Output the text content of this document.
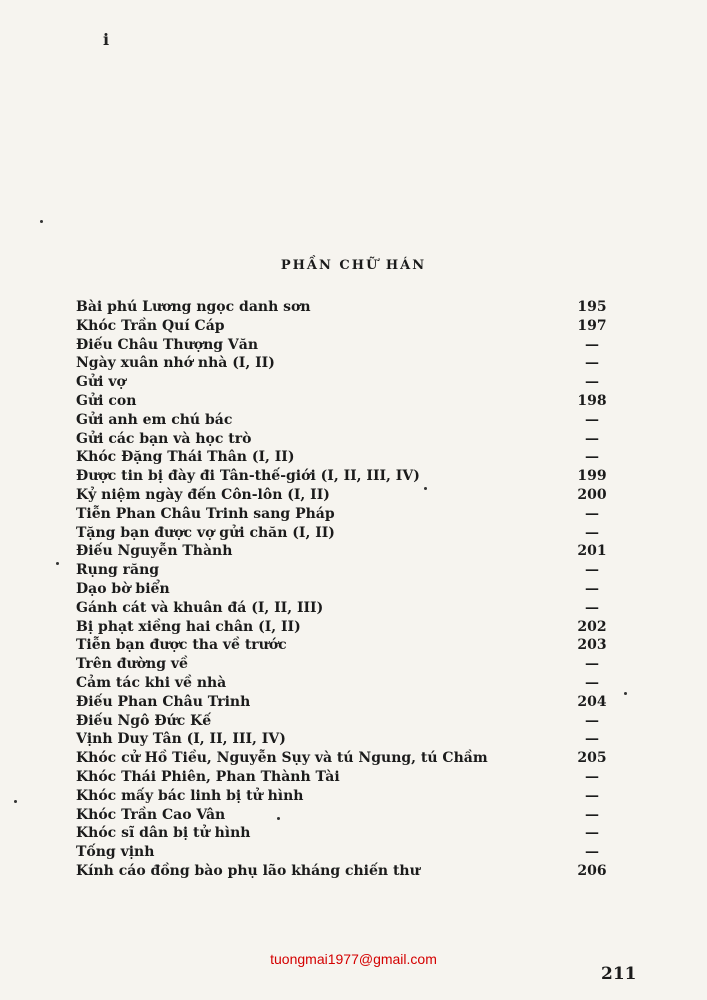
i
PHẦN CHỮ HÁN
Bài phú Lương ngọc danh sơn	195
Khóc Trần Quí Cáp	197
Điếu Châu Thượng Văn	—
Ngày xuân nhớ nhà (I, II)	—
Gửi vợ	—
Gửi con	198
Gửi anh em chú bác	—
Gửi các bạn và học trò	—
Khóc Đặng Thái Thân (I, II)	—
Được tin bị đày đi Tân-thế-giới (I, II, III, IV)	199
Kỷ niệm ngày đến Côn-lôn (I, II)	200
Tiễn Phan Châu Trinh sang Pháp	—
Tặng bạn được vợ gửi chăn (I, II)	—
Điếu Nguyễn Thành	201
Rụng răng	—
Dạo bờ biển	—
Gánh cát và khuân đá (I, II, III)	—
Bị phạt xiềng hai chân (I, II)	202
Tiễn bạn được tha về trước	203
Trên đường về	—
Cảm tác khi về nhà	—
Điếu Phan Châu Trinh	204
Điếu Ngô Đức Kế	—
Vịnh Duy Tân (I, II, III, IV)	—
Khóc cử Hồ Tiều, Nguyễn Sụy và tú Ngung, tú Chầm	205
Khóc Thái Phiên, Phan Thành Tài	—
Khóc mấy bác linh bị tử hình	—
Khóc Trần Cao Vân	—
Khóc sĩ dân bị tử hình	—
Tống vịnh	—
Kính cáo đồng bào phụ lão kháng chiến thư	206
tuongmai1977@gmail.com
211
